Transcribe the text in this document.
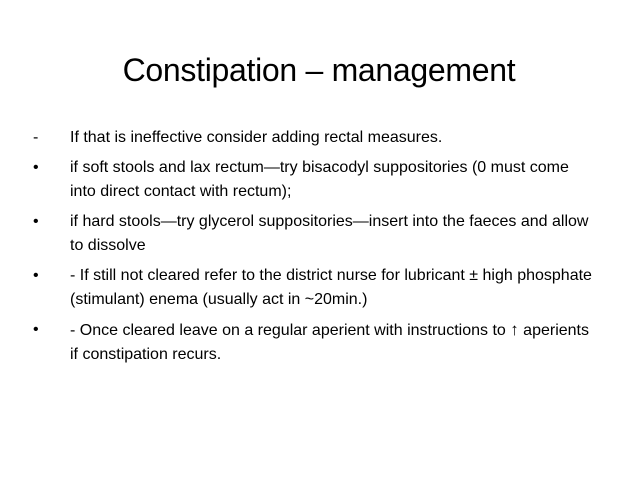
Constipation – management
-	If that is ineffective consider adding rectal measures.
•	if soft stools and lax rectum—try bisacodyl suppositories (0 must come into direct contact with rectum);
•	if hard stools—try glycerol suppositories—insert into the faeces and allow to dissolve
•	- If still not cleared refer to the district nurse for lubricant ± high phosphate (stimulant) enema (usually act in ~20min.)
•	- Once cleared leave on a regular aperient with instructions to ↑ aperients if constipation recurs.
